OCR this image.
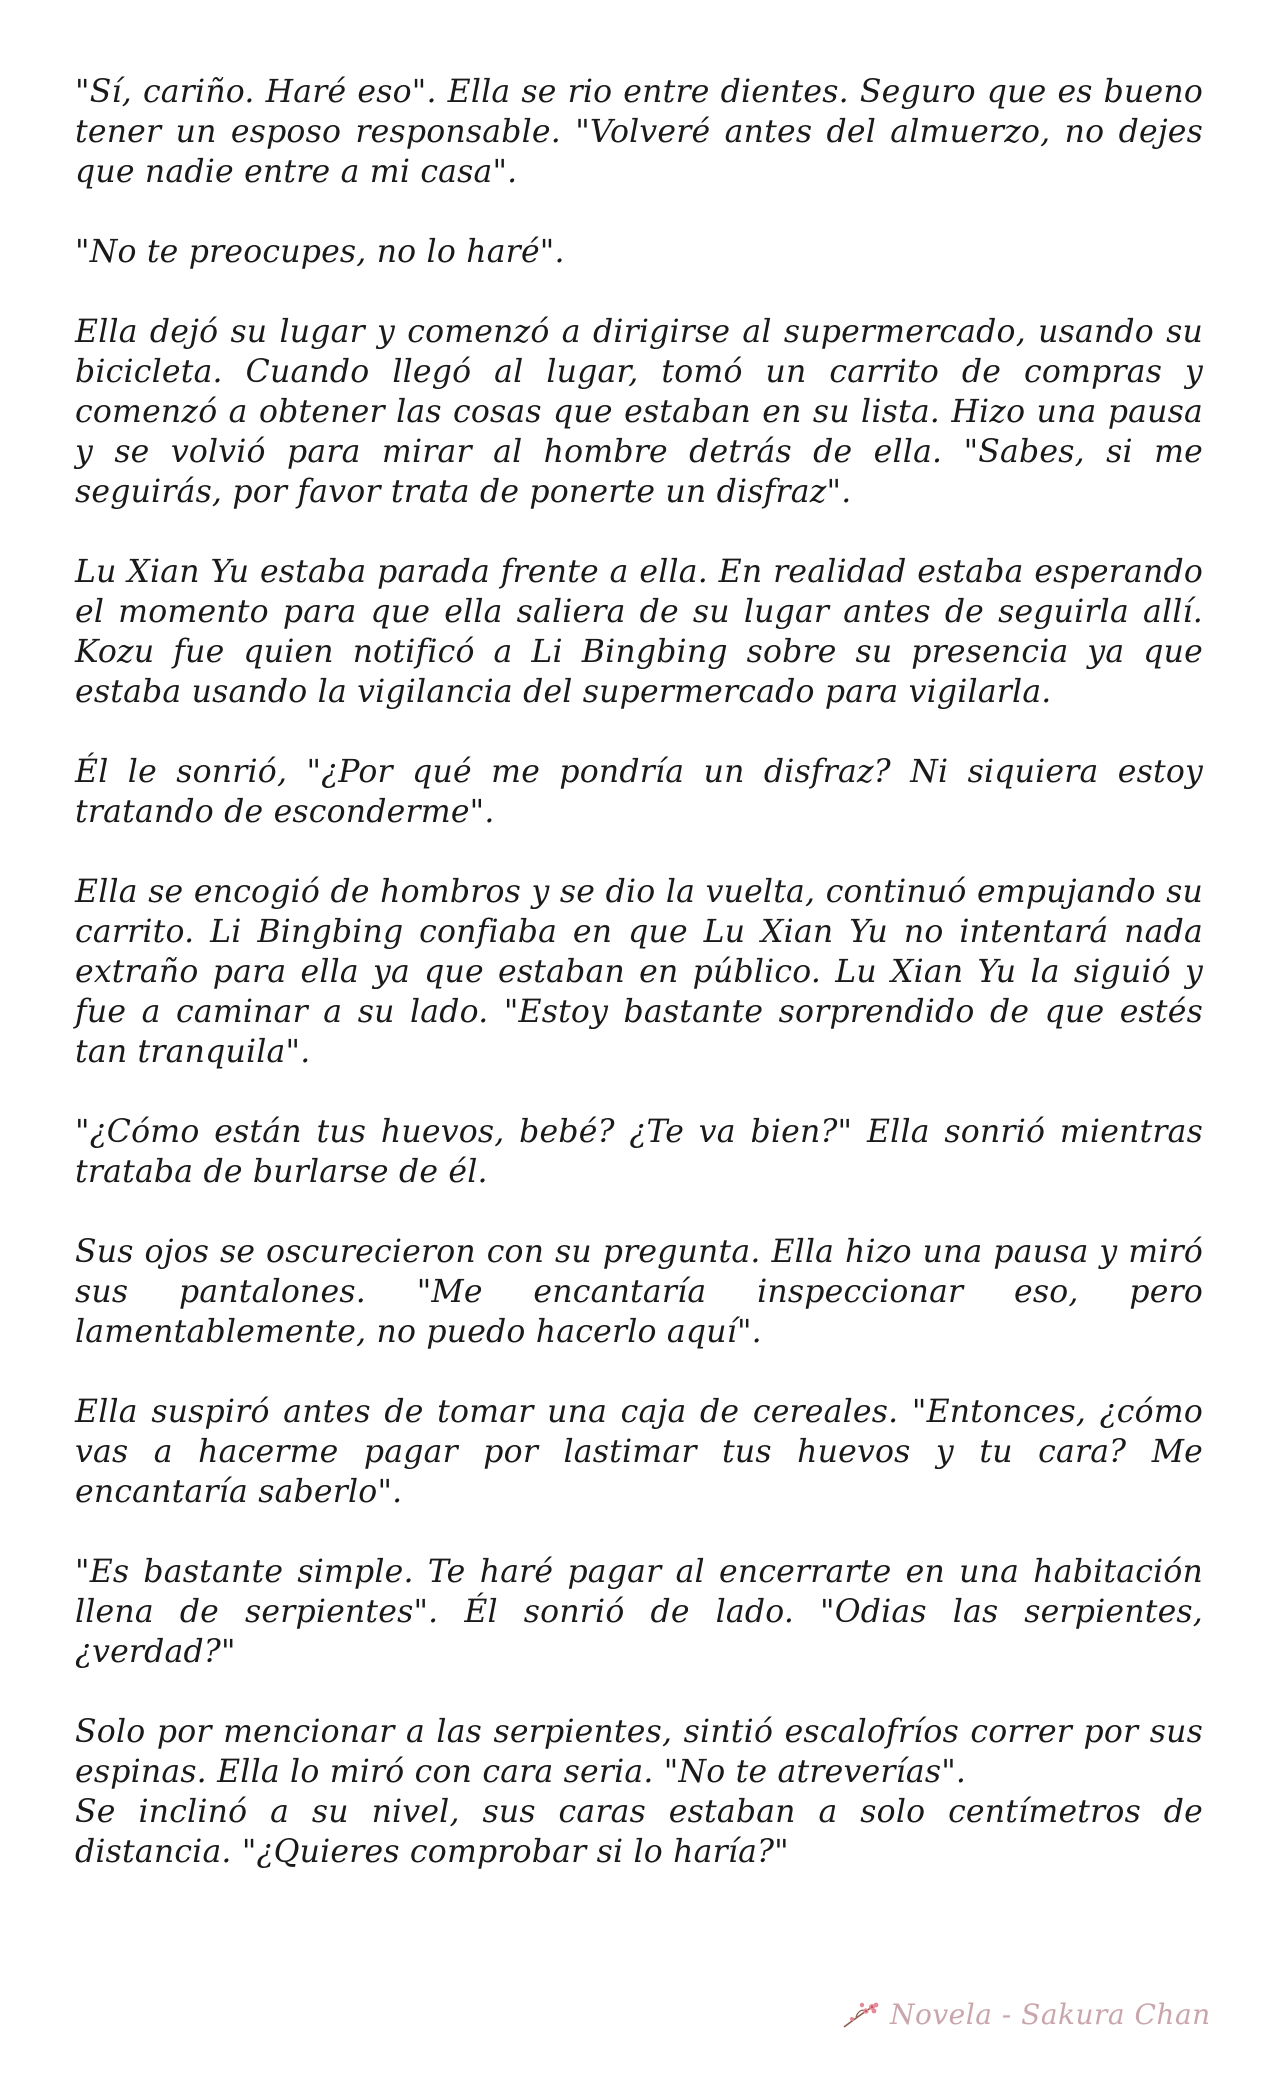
"Sí, cariño. Haré eso". Ella se rio entre dientes. Seguro que es bueno tener un esposo responsable. "Volveré antes del almuerzo, no dejes que nadie entre a mi casa".

"No te preocupes, no lo haré".

Ella dejó su lugar y comenzó a dirigirse al supermercado, usando su bicicleta. Cuando llegó al lugar, tomó un carrito de compras y comenzó a obtener las cosas que estaban en su lista. Hizo una pausa y se volvió para mirar al hombre detrás de ella. "Sabes, si me seguirás, por favor trata de ponerte un disfraz".

Lu Xian Yu estaba parada frente a ella. En realidad estaba esperando el momento para que ella saliera de su lugar antes de seguirla allí. Kozu fue quien notificó a Li Bingbing sobre su presencia ya que estaba usando la vigilancia del supermercado para vigilarla.

Él le sonrió, "¿Por qué me pondría un disfraz? Ni siquiera estoy tratando de esconderme".

Ella se encogió de hombros y se dio la vuelta, continuó empujando su carrito. Li Bingbing confiaba en que Lu Xian Yu no intentará nada extraño para ella ya que estaban en público. Lu Xian Yu la siguió y fue a caminar a su lado. "Estoy bastante sorprendido de que estés tan tranquila".

"¿Cómo están tus huevos, bebé? ¿Te va bien?" Ella sonrió mientras trataba de burlarse de él.

Sus ojos se oscurecieron con su pregunta. Ella hizo una pausa y miró sus pantalones. "Me encantaría inspeccionar eso, pero lamentablemente, no puedo hacerlo aquí".

Ella suspiró antes de tomar una caja de cereales. "Entonces, ¿cómo vas a hacerme pagar por lastimar tus huevos y tu cara? Me encantaría saberlo".

"Es bastante simple. Te haré pagar al encerrarte en una habitación llena de serpientes". Él sonrió de lado. "Odias las serpientes, ¿verdad?"

Solo por mencionar a las serpientes, sintió escalofríos correr por sus espinas. Ella lo miró con cara seria. "No te atreverías".

Se inclinó a su nivel, sus caras estaban a solo centímetros de distancia. "¿Quieres comprobar si lo haría?"

Novela - Sakura Chan
